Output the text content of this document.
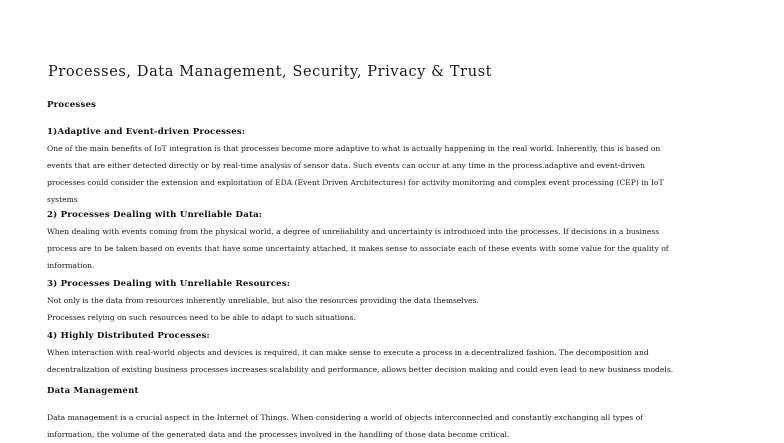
Processes, Data Management, Security, Privacy & Trust
Processes
1)Adaptive and Event-driven Processes:
One of the main benefits of IoT integration is that processes become more adaptive to what is actually happening in the real world. Inherently, this is based on
events that are either detected directly or by real-time analysis of sensor data. Such events can occur at any time in the process.adaptive and event-driven
processes could consider the extension and exploitation of EDA (Event Driven Architectures) for activity monitoring and complex event processing (CEP) in IoT
systems
2) Processes Dealing with Unreliable Data:
When dealing with events coming from the physical world, a degree of unreliability and uncertainty is introduced into the processes. If decisions in a business
process are to be taken based on events that have some uncertainty attached, it makes sense to associate each of these events with some value for the quality of
information.
3) Processes Dealing with Unreliable Resources:
Not only is the data from resources inherently unreliable, but also the resources providing the data themselves.
Processes relying on such resources need to be able to adapt to such situations.
4) Highly Distributed Processes:
When interaction with real-world objects and devices is required, it can make sense to execute a process in a decentralized fashion. The decomposition and
decentralization of existing business processes increases scalability and performance, allows better decision making and could even lead to new business models.
Data Management
Data management is a crucial aspect in the Internet of Things. When considering a world of objects interconnected and constantly exchanging all types of
information, the volume of the generated data and the processes involved in the handling of those data become critical.
